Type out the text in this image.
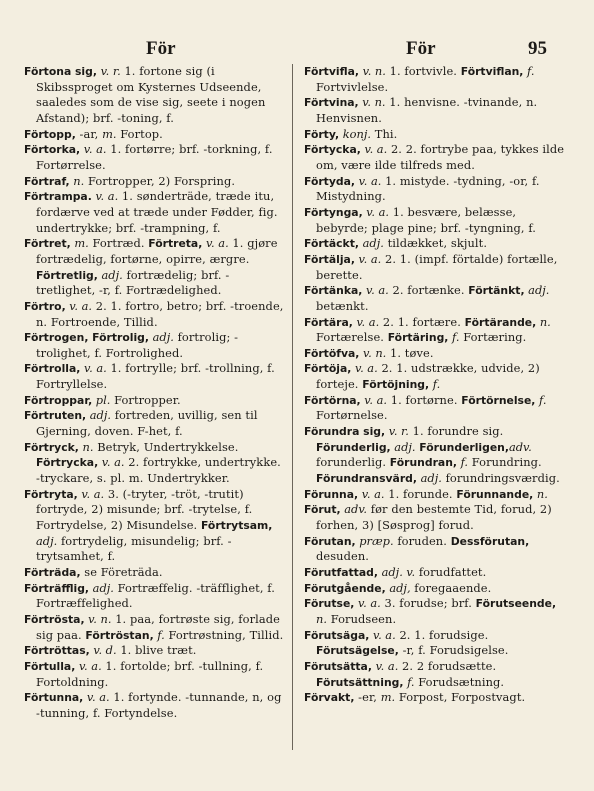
För	För	95

Förtona sig, v. r. 1. fortone sig (i Skibssproget om Kysternes Udseende, saaledes som de vise sig, seete i nogen Afstand); brf. -toning, f.

Förtopp, -ar, m. Fortop.

Förtorka, v. a. 1. fortørre; brf. -torkning, f. Fortørrelse.

Förtraf, n. Fortropper, 2) Forspring.

Förtrampa. v. a. 1. sønderträde, træde itu, fordærve ved at træde under Fødder, fig. undertrykke; brf. -trampning, f.

Förtret, m. Fortræd. Förtreta, v. a. 1. gjøre fortrædelig, fortørne, opirre, ærgre. Förtretlig, adj. fortrædelig; brf. -tretlighet, -r, f. Fortrædelighed.

Förtro, v. a. 2. 1. fortro, betro; brf. -troende, n. Fortroende, Tillid.

Förtrogen, Förtrolig, adj. fortrolig; -trolighet, f. Fortrolighed.

Förtrolla, v. a. 1. fortrylle; brf. -trollning, f. Fortryllelse.

Förtroppar, pl. Fortropper.

Förtruten, adj. fortreden, uvillig, sen til Gjerning, doven. F-het, f.

Förtryck, n. Betryk, Undertrykkelse. Förtrycka, v. a. 2. fortrykke, undertrykke. -tryckare, s. pl. m. Undertrykker.

Förtryta, v. a. 3. (-tryter, -tröt, -trutit) fortryde, 2) misunde; brf. -trytelse, f. Fortrydelse, 2) Misundelse. Förtrytsam, adj. fortrydelig, misundelig; brf. -trytsamhet, f.

Förträda, se Företräda.

Förträfflig, adj. Fortræffelig. -träfflighet, f. Fortræffelighed.

Förtrösta, v. n. 1. paa, fortrøste sig, forlade sig paa. Förtröstan, f. Fortrøstning, Tillid.

Förtröttas, v. d. 1. blive træt.

Förtulla, v. a. 1. fortolde; brf. -tullning, f. Fortoldning.

Förtunna, v. a. 1. fortynde. -tunnande, n, og -tunning, f. Fortyndelse.

Förtvifla, v. n. 1. fortvivle. Förtviflan, f. Fortvivlelse.

Förtvina, v. n. 1. henvisne. -tvinande, n. Henvisnen.

Förty, konj. Thi.

Förtycka, v. a. 2. 2. fortrybe paa, tykkes ilde om, være ilde tilfreds med.

Förtyda, v. a. 1. mistyde. -tydning, -or, f. Mistydning.

Förtynga, v. a. 1. besvære, belæsse, bebyrde; plage pine; brf. -tyngning, f.

Förtäckt, adj. tildækket, skjult.

Förtälja, v. a. 2. 1. (impf. förtalde) fortælle, berette.

Förtänka, v. a. 2. fortænke. Förtänkt, adj. betænkt.

Förtära, v. a. 2. 1. fortære. Förtärande, n. Fortærelse. Förtäring, f. Fortæring.

Förtöfva, v. n. 1. tøve.

Förtöja, v. a. 2. 1. udstrække, udvide, 2) forteje. Förtöjning, f.

Förtörna, v. a. 1. fortørne. Förtörnelse, f. Fortørnelse.

Förundra sig, v. r. 1. forundre sig. Förunderlig, adj. Förunderligen,adv. forunderlig. Förundran, f. Forundring. Förundransvärd, adj. forundringsværdig.

Förunna, v. a. 1. forunde. Förunnande, n.

Förut, adv. før den bestemte Tid, forud, 2) forhen, 3) [Søsprog] forud.

Förutan, præp. foruden. Dessförutan, desuden.

Förutfattad, adj. v. forudfattet.

Förutgående, adj, foregaaende.

Förutse, v. a. 3. forudse; brf. Förutseende, n. Forudseen.

Förutsäga, v. a. 2. 1. forudsige. Förutsägelse, -r, f. Forudsigelse.

Förutsätta, v. a. 2. 2 forudsætte. Förutsättning, f. Forudsætning.

Förvakt, -er, m. Forpost, Forpostvagt.
